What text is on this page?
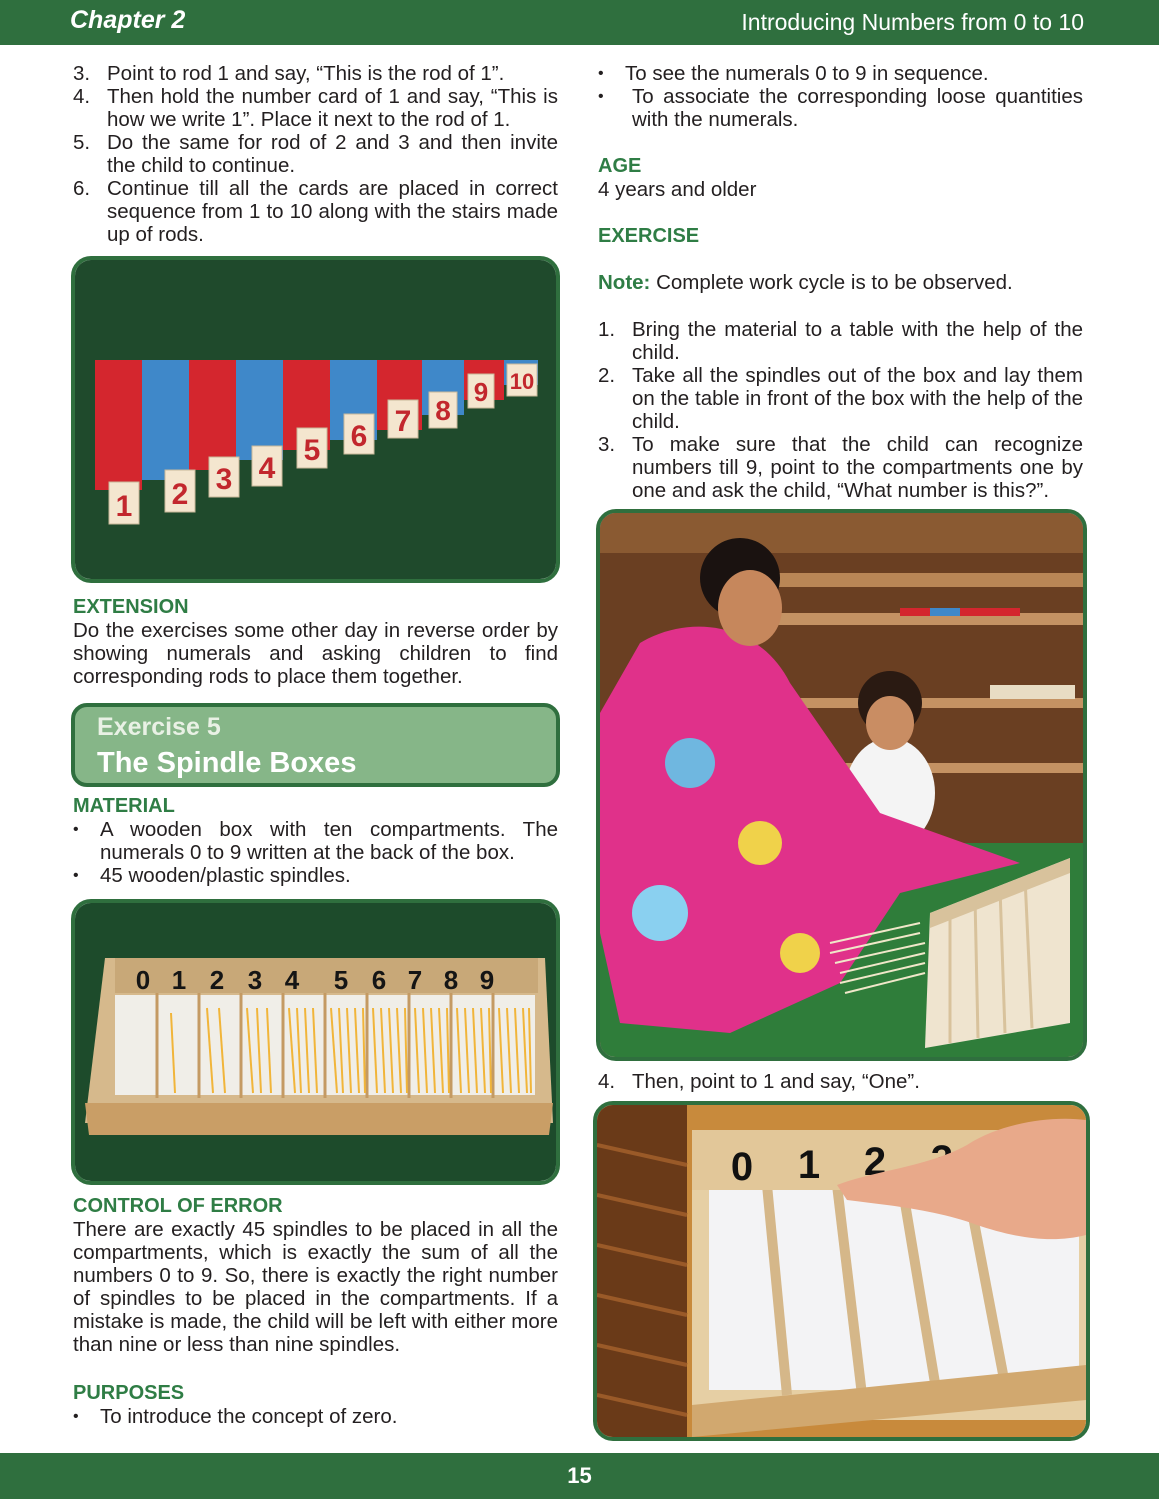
Chapter 2	Introducing Numbers from 0 to 10
3. Point to rod 1 and say, “This is the rod of 1”.
4. Then hold the number card of 1 and say, “This is how we write 1”. Place it next to the rod of 1.
5. Do the same for rod of 2 and 3 and then invite the child to continue.
6. Continue till all the cards are placed in correct sequence from 1 to 10 along with the stairs made up of rods.
1 2 3 4
5 6 7 8
9 10
EXTENSION

Do the exercises some other day in reverse order by showing numerals and asking children to find corresponding rods to place them together.

Exercise 5
The Spindle Boxes
MATERIAL
• A wooden box with ten compartments. The numerals 0 to 9 written at the back of the box.
• 45 wooden/plastic spindles.
0 1 2 3 4 5 6 7 8 9
CONTROL OF ERROR

There are exactly 45 spindles to be placed in all the compartments, which is exactly the sum of all the numbers 0 to 9. So, there is exactly the right number of spindles to be placed in the compartments. If a mistake is made, the child will be left with either more than nine or less than nine spindles.

PURPOSES
• To introduce the concept of zero.
• To see the numerals 0 to 9 in sequence.
• To associate the corresponding loose quantities with the numerals.
AGE

4 years and older

EXERCISE

Note: Complete work cycle is to be observed.

1. Bring the material to a table with the help of the child.
2. Take all the spindles out of the box and lay them on the table in front of the box with the help of the child.
3. To make sure that the child can recognize numbers till 9, point to the compartments one by one and ask the child, “What number is this?”.
4. Then, point to 1 and say, “One”.
0 1 2
15
